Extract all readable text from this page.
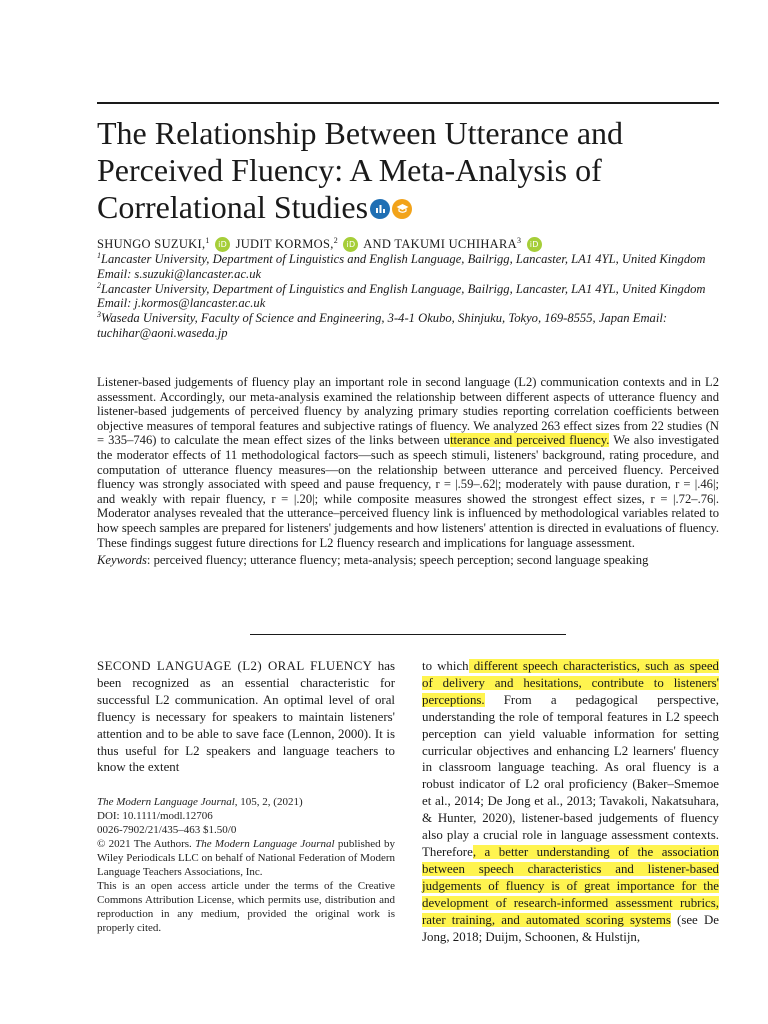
The Relationship Between Utterance and Perceived Fluency: A Meta-Analysis of Correlational Studies
SHUNGO SUZUKI,$^1$ iD JUDIT KORMOS,$^2$ iD AND TAKUMI UCHIHARA$^3$ iD

$^1$Lancaster University, Department of Linguistics and English Language, Bailrigg, Lancaster, LA1 4YL, United Kingdom Email: s.suzuki@lancaster.ac.uk

$^2$Lancaster University, Department of Linguistics and English Language, Bailrigg, Lancaster, LA1 4YL, United Kingdom Email: j.kormos@lancaster.ac.uk

$^3$Waseda University, Faculty of Science and Engineering, 3-4-1 Okubo, Shinjuku, Tokyo, 169-8555, Japan Email: tuchihar@aoni.waseda.jp

Listener-based judgements of fluency play an important role in second language (L2) communication contexts and in L2 assessment. Accordingly, our meta-analysis examined the relationship between different aspects of utterance fluency and listener-based judgements of perceived fluency by analyzing primary studies reporting correlation coefficients between objective measures of temporal features and subjective ratings of fluency. We analyzed 263 effect sizes from 22 studies (N = 335–746) to calculate the mean effect sizes of the links between utterance and perceived fluency. We also investigated the moderator effects of 11 methodological factors—such as speech stimuli, listeners' background, rating procedure, and computation of utterance fluency measures—on the relationship between utterance and perceived fluency. Perceived fluency was strongly associated with speed and pause frequency, r = |.59–.62|; moderately with pause duration, r = |.46|; and weakly with repair fluency, r = |.20|; while composite measures showed the strongest effect sizes, r = |.72–.76|. Moderator analyses revealed that the utterance–perceived fluency link is influenced by methodological variables related to how speech samples are prepared for listeners' judgements and how listeners' attention is directed in evaluations of fluency. These findings suggest future directions for L2 fluency research and implications for language assessment.

Keywords: perceived fluency; utterance fluency; meta-analysis; speech perception; second language speaking

SECOND LANGUAGE (L2) ORAL FLUENCY has been recognized as an essential characteristic for successful L2 communication. An optimal level of oral fluency is necessary for speakers to maintain listeners' attention and to be able to save face (Lennon, 2000). It is thus useful for L2 speakers and language teachers to know the extent

The Modern Language Journal, 105, 2, (2021)

DOI: 10.1111/modl.12706

0026-7902/21/435–463 $1.50/0

© 2021 The Authors. The Modern Language Journal published by Wiley Periodicals LLC on behalf of National Federation of Modern Language Teachers Associations, Inc.

This is an open access article under the terms of the Creative Commons Attribution License, which permits use, distribution and reproduction in any medium, provided the original work is properly cited.

to which different speech characteristics, such as speed of delivery and hesitations, contribute to listeners' perceptions. From a pedagogical perspective, understanding the role of temporal features in L2 speech perception can yield valuable information for setting curricular objectives and enhancing L2 learners' fluency in classroom language teaching. As oral fluency is a robust indicator of L2 oral proficiency (Baker–Smemoe et al., 2014; De Jong et al., 2013; Tavakoli, Nakatsuhara, & Hunter, 2020), listener-based judgements of fluency also play a crucial role in language assessment contexts. Therefore, a better understanding of the association between speech characteristics and listener-based judgements of fluency is of great importance for the development of research-informed assessment rubrics, rater training, and automated scoring systems (see De Jong, 2018; Duijm, Schoonen, & Hulstijn,
